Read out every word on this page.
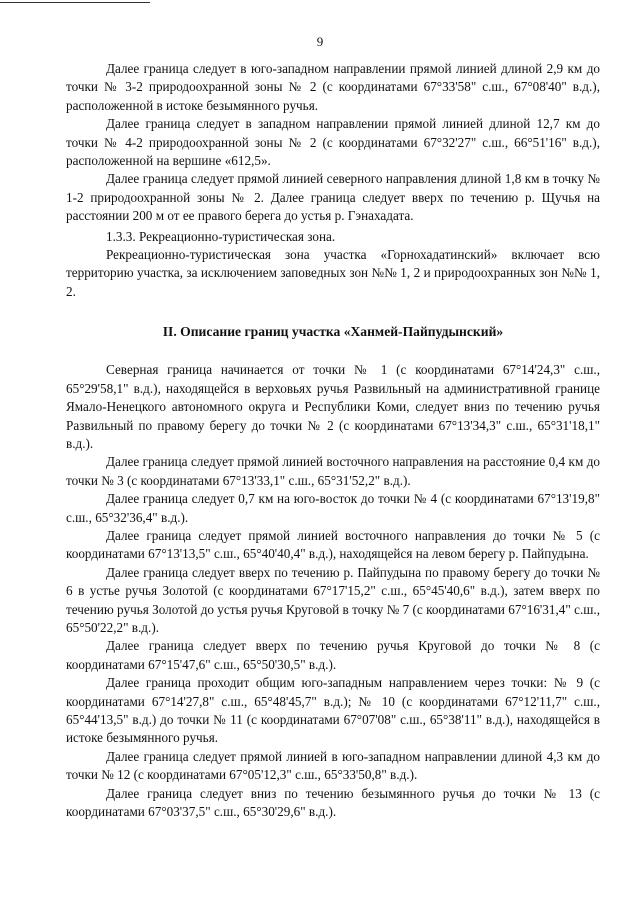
9

Далее граница следует в юго-западном направлении прямой линией длиной 2,9 км до точки № 3-2 природоохранной зоны № 2 (с координатами 67°33'58" с.ш., 67°08'40" в.д.), расположенной в истоке безымянного ручья.

Далее граница следует в западном направлении прямой линией длиной 12,7 км до точки № 4-2 природоохранной зоны № 2 (с координатами 67°32'27" с.ш., 66°51'16" в.д.), расположенной на вершине «612,5».

Далее граница следует прямой линией северного направления длиной 1,8 км в точку № 1-2 природоохранной зоны № 2. Далее граница следует вверх по течению р. Щучья на расстоянии 200 м от ее правого берега до устья р. Гэнахадата.

1.3.3. Рекреационно-туристическая зона.

Рекреационно-туристическая зона участка «Горнохадатинский» включает всю территорию участка, за исключением заповедных зон №№ 1, 2 и природоохранных зон №№ 1, 2.

II. Описание границ участка «Ханмей-Пайпудынский»

Северная граница начинается от точки № 1 (с координатами 67°14'24,3" с.ш., 65°29'58,1" в.д.), находящейся в верховьях ручья Развильный на административной границе Ямало-Ненецкого автономного округа и Республики Коми, следует вниз по течению ручья Развильный по правому берегу до точки № 2 (с координатами 67°13'34,3" с.ш., 65°31'18,1" в.д.).

Далее граница следует прямой линией восточного направления на расстояние 0,4 км до точки № 3 (с координатами 67°13'33,1" с.ш., 65°31'52,2" в.д.).

Далее граница следует 0,7 км на юго-восток до точки № 4 (с координатами 67°13'19,8" с.ш., 65°32'36,4" в.д.).

Далее граница следует прямой линией восточного направления до точки № 5 (с координатами 67°13'13,5" с.ш., 65°40'40,4" в.д.), находящейся на левом берегу р. Пайпудына.

Далее граница следует вверх по течению р. Пайпудына по правому берегу до точки № 6 в устье ручья Золотой (с координатами 67°17'15,2" с.ш., 65°45'40,6" в.д.), затем вверх по течению ручья Золотой до устья ручья Круговой в точку № 7 (с координатами 67°16'31,4" с.ш., 65°50'22,2" в.д.).

Далее граница следует вверх по течению ручья Круговой до точки № 8 (с координатами 67°15'47,6" с.ш., 65°50'30,5" в.д.).

Далее граница проходит общим юго-западным направлением через точки: № 9 (с координатами 67°14'27,8" с.ш., 65°48'45,7" в.д.); № 10 (с координатами 67°12'11,7" с.ш., 65°44'13,5" в.д.) до точки № 11 (с координатами 67°07'08" с.ш., 65°38'11" в.д.), находящейся в истоке безымянного ручья.

Далее граница следует прямой линией в юго-западном направлении длиной 4,3 км до точки № 12 (с координатами 67°05'12,3" с.ш., 65°33'50,8" в.д.).

Далее граница следует вниз по течению безымянного ручья до точки № 13 (с координатами 67°03'37,5" с.ш., 65°30'29,6" в.д.).
